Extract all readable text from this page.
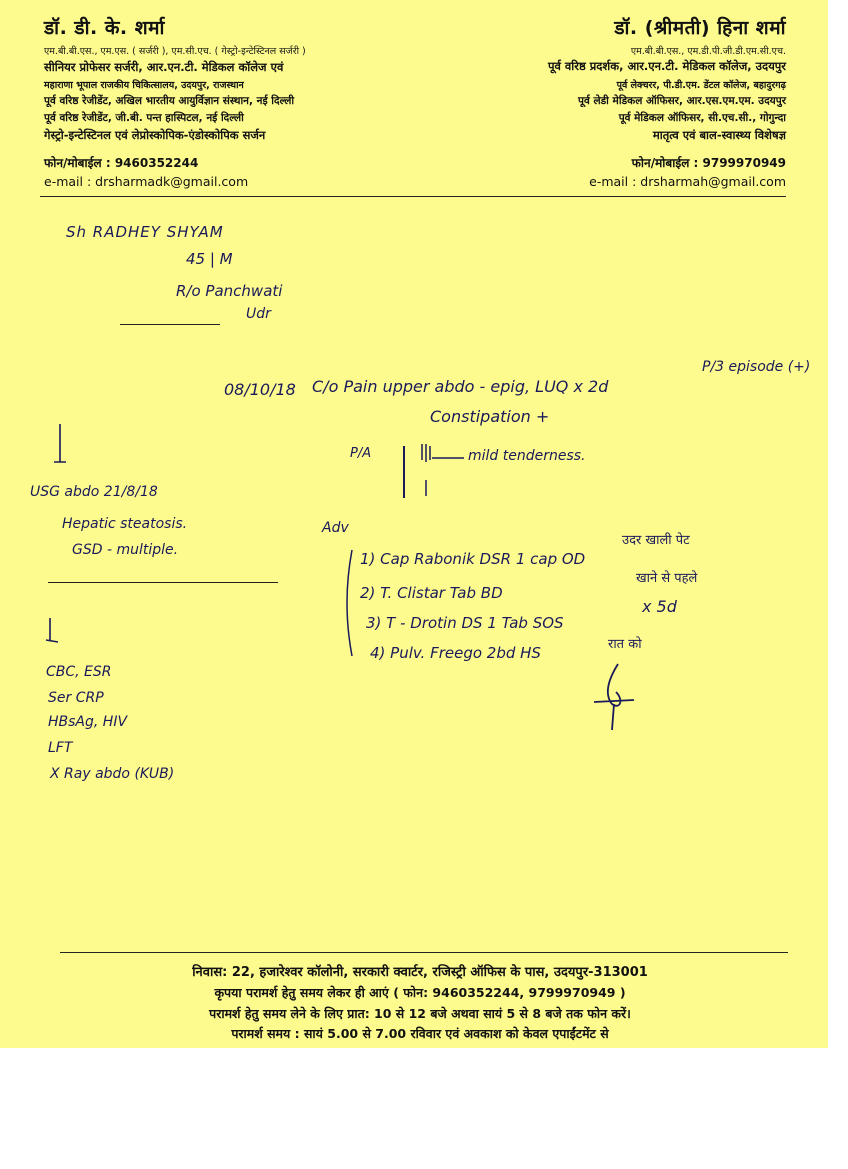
डॉ. डी. के. शर्मा
एम.बी.बी.एस., एम.एस. ( सर्जरी ), एम.सी.एच. ( गेस्ट्रो-इन्टेस्टिनल सर्जरी )
सीनियर प्रोफेसर सर्जरी, आर.एन.टी. मेडिकल कॉलेज एवं
महाराणा भूपाल राजकीय चिकित्सालय, उदयपुर, राजस्थान
पूर्व वरिष्ठ रेजीडेंट, अखिल भारतीय आयुर्विज्ञान संस्थान, नई दिल्ली
पूर्व वरिष्ठ रेजीडेंट, जी.बी. पन्त हास्पिटल, नई दिल्ली
गेस्ट्रो-इन्टेस्टिनल एवं लेप्रोस्कोपिक-एंडोस्कोपिक सर्जन
फोन/मोबाईल : 9460352244
e-mail : drsharmadk@gmail.com
डॉ. (श्रीमती) हिना शर्मा
एम.बी.बी.एस., एम.डी.पी.जी.डी.एम.सी.एच.
पूर्व वरिष्ठ प्रदर्शक, आर.एन.टी. मेडिकल कॉलेज, उदयपुर
पूर्व लेक्चरर, पी.डी.एम. डेंटल कॉलेज, बहादुरगढ़
पूर्व लेडी मेडिकल ऑफिसर, आर.एस.एम.एम. उदयपुर
पूर्व मेडिकल ऑफिसर, सी.एच.सी., गोगुन्दा
मातृत्व एवं बाल-स्वास्थ्य विशेषज्ञ
फोन/मोबाईल : 9799970949
e-mail : drsharmah@gmail.com
Sh RADHEY SHYAM
45 | M
R/o Panchwati
Udr
08/10/18 C/o Pain upper abdo - epig, LUQ x 2d
P/3 episode (+)
Constipation +
P/A	mild tenderness.
USG abdo 21/8/18
Hepatic steatosis.
GSD - multiple.
Adv
1) Cap Rabonik DSR 1 cap OD
2) T. Clistar Tab BD
3) T - Drotin DS 1 Tab SOS
4) Pulv. Freego 2bd HS
उदर खाली पेट
खाने से पहले
x 5d
रात को
CBC, ESR
Ser CRP
HBsAg, HIV
LFT
X Ray abdo (KUB)
निवास: 22, हजारेश्वर कॉलोनी, सरकारी क्वार्टर, रजिस्ट्री ऑफिस के पास, उदयपुर-313001
कृपया परामर्श हेतु समय लेकर ही आएं ( फोन: 9460352244, 9799970949 )
परामर्श हेतु समय लेने के लिए प्रात: 10 से 12 बजे अथवा सायं 5 से 8 बजे तक फोन करें।
परामर्श समय : सायं 5.00 से 7.00 रविवार एवं अवकाश को केवल एपाईंटमेंट से
